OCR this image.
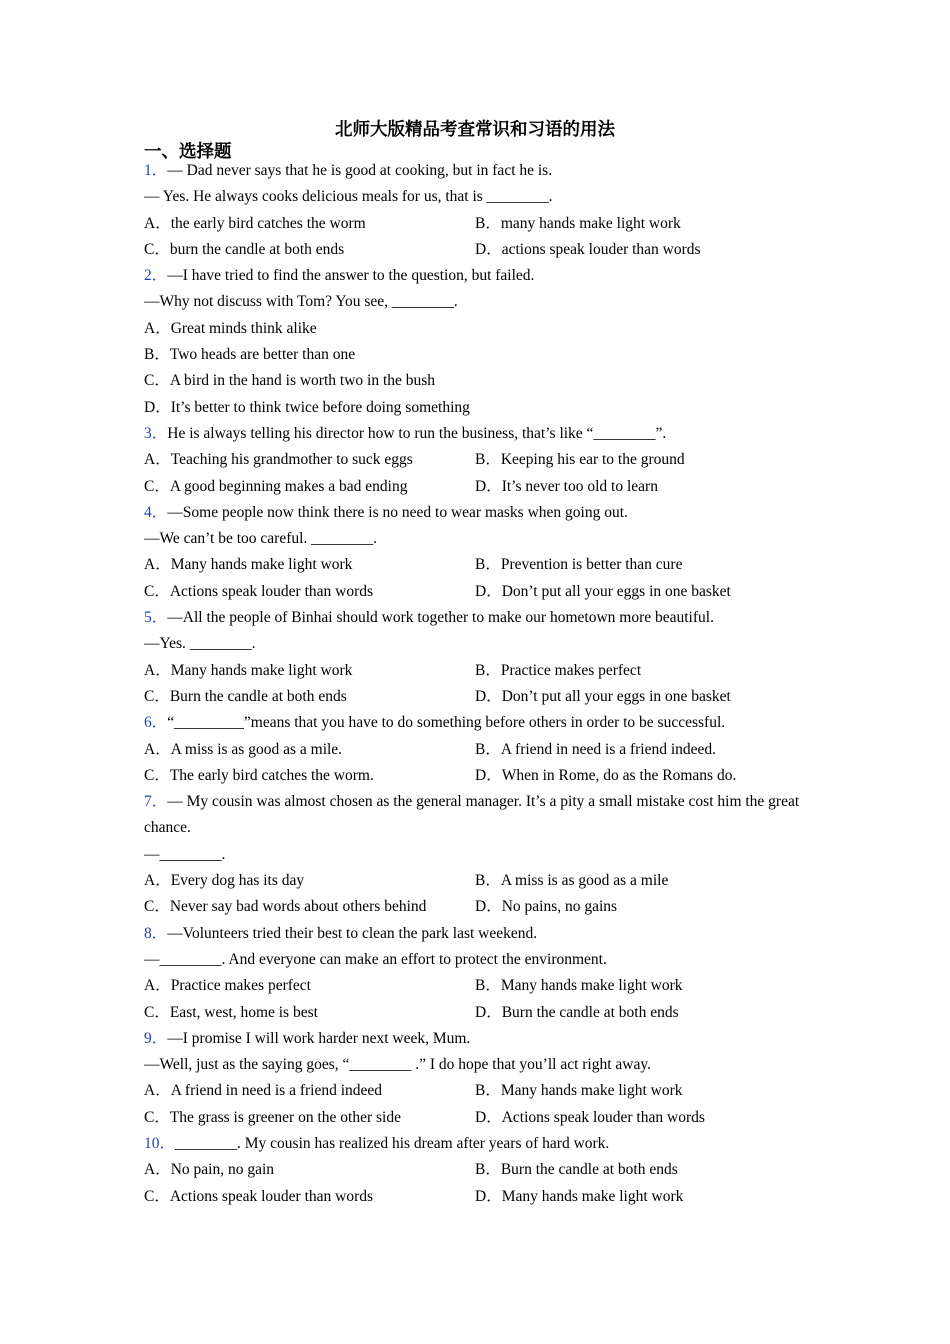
北师大版精品考查常识和习语的用法
一、选择题
1．— Dad never says that he is good at cooking, but in fact he is.
— Yes. He always cooks delicious meals for us, that is ________.
A．the early bird catches the worm	B．many hands make light work
C．burn the candle at both ends	D．actions speak louder than words
2．—I have tried to find the answer to the question, but failed.
—Why not discuss with Tom? You see, ________.
A．Great minds think alike
B．Two heads are better than one
C．A bird in the hand is worth two in the bush
D．It’s better to think twice before doing something
3．He is always telling his director how to run the business, that’s like “________”.
A．Teaching his grandmother to suck eggs	B．Keeping his ear to the ground
C．A good beginning makes a bad ending	D．It’s never too old to learn
4．—Some people now think there is no need to wear masks when going out.
—We can’t be too careful. ________.
A．Many hands make light work	B．Prevention is better than cure
C．Actions speak louder than words	D．Don’t put all your eggs in one basket
5．—All the people of Binhai should work together to make our hometown more beautiful.
—Yes. ________.
A．Many hands make light work	B．Practice makes perfect
C．Burn the candle at both ends	D．Don’t put all your eggs in one basket
6．“_________”means that you have to do something before others in order to be successful.
A．A miss is as good as a mile.	B．A friend in need is a friend indeed.
C．The early bird catches the worm.	D．When in Rome, do as the Romans do.
7．— My cousin was almost chosen as the general manager. It’s a pity a small mistake cost him the great chance.
—________.
A．Every dog has its day	B．A miss is as good as a mile
C．Never say bad words about others behind	D．No pains, no gains
8．—Volunteers tried their best to clean the park last weekend.
—________. And everyone can make an effort to protect the environment.
A．Practice makes perfect	B．Many hands make light work
C．East, west, home is best	D．Burn the candle at both ends
9．—I promise I will work harder next week, Mum.
—Well, just as the saying goes, “________ .” I do hope that you’ll act right away.
A．A friend in need is a friend indeed	B．Many hands make light work
C．The grass is greener on the other side	D．Actions speak louder than words
10．________. My cousin has realized his dream after years of hard work.
A．No pain, no gain	B．Burn the candle at both ends
C．Actions speak louder than words	D．Many hands make light work
